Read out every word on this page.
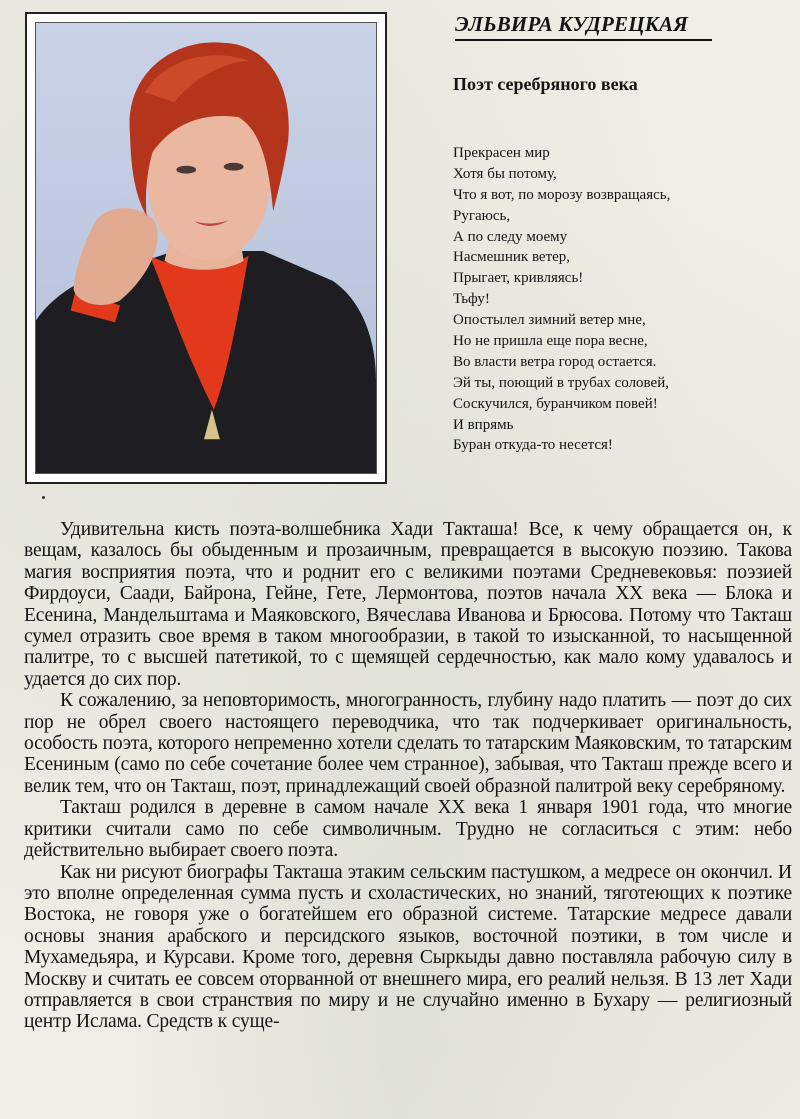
ЭЛЬВИРА КУДРЕЦКАЯ
Поэт серебряного века
Прекрасен мир
Хотя бы потому,
Что я вот, по морозу возвращаясь,
Ругаюсь,
А по следу моему
Насмешник ветер,
Прыгает, кривляясь!
Тьфу!
Опостылел зимний ветер мне,
Но не пришла еще пора весне,
Во власти ветра город остается.
Эй ты, поющий в трубах соловей,
Соскучился, буранчиком повей!
И впрямь
Буран откуда-то несется!

Удивительна кисть поэта-волшебника Хади Такташа! Все, к чему обращается он, к вещам, казалось бы обыденным и прозаичным, превращается в высокую поэзию. Такова магия восприятия поэта, что и роднит его с великими поэтами Средневековья: поэзией Фирдоуси, Саади, Байрона, Гейне, Гете, Лермонтова, поэтов начала XX века — Блока и Есенина, Мандельштама и Маяковского, Вячеслава Иванова и Брюсова. Потому что Такташ сумел отразить свое время в таком многообразии, в такой то изысканной, то насыщенной палитре, то с высшей патетикой, то с щемящей сердечностью, как мало кому удавалось и удается до сих пор.

К сожалению, за неповторимость, многогранность, глубину надо платить — поэт до сих пор не обрел своего настоящего переводчика, что так подчеркивает оригинальность, особость поэта, которого непременно хотели сделать то татарским Маяковским, то татарским Есениным (само по себе сочетание более чем странное), забывая, что Такташ прежде всего и велик тем, что он Такташ, поэт, принадлежащий своей образной палитрой веку серебряному.

Такташ родился в деревне в самом начале XX века 1 января 1901 года, что многие критики считали само по себе символичным. Трудно не согласиться с этим: небо действительно выбирает своего поэта.

Как ни рисуют биографы Такташа этаким сельским пастушком, а медресе он окончил. И это вполне определенная сумма пусть и схоластических, но знаний, тяготеющих к поэтике Востока, не говоря уже о богатейшем его образной системе. Татарские медресе давали основы знания арабского и персидского языков, восточной поэтики, в том числе и Мухамедьяра, и Курсави. Кроме того, деревня Сыркыды давно поставляла рабочую силу в Москву и считать ее совсем оторванной от внешнего мира, его реалий нельзя. В 13 лет Хади отправляется в свои странствия по миру и не случайно именно в Бухару — религиозный центр Ислама. Средств к суще-
